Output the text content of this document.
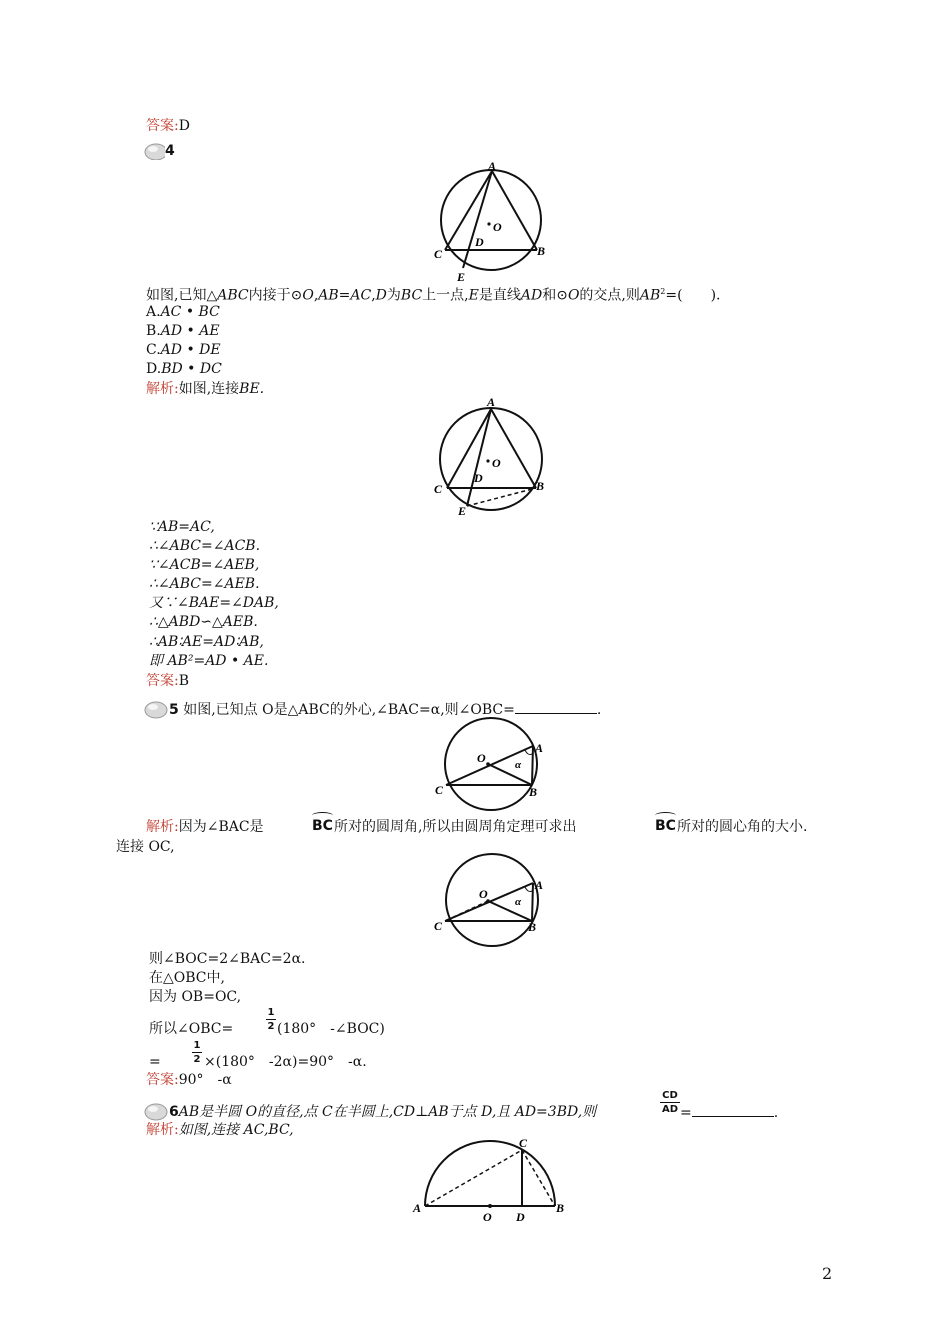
答案:D
4
A
O
D
C	B
E
如图,已知△ABC内接于⊙O,AB=AC,D为BC上一点,E是直线AD和⊙O的交点,则$AB^2=$(　　).
A.AC • BC
B.AD • AE
C.AD • DE
D.BD • DC
解析:如图,连接BE.
A
O
D
C	B
E
∵AB=AC,
∴∠ABC=∠ACB.
∵∠ACB=∠AEB,
∴∠ABC=∠AEB.
又∵∠BAE=∠DAB,
∴△ABD∽△AEB.
∴AB∶AE=AD∶AB,
即 AB²=AD • AE.
答案:B
5 如图,已知点 O是△ABC的外心,∠BAC=α,则∠OBC=	.
O
A
α
C	B
解析:因为∠BAC是	BC 所对的圆周角,所以由圆周角定理可求出	BC 所对的圆心角的大小.
连接 OC,
O
A
α
C	B
则∠BOC=2∠BAC=2α.
在△OBC中,
因为 OB=OC,
所以∠OBC=
1
2 (180°　-∠BOC)
=
1
2 ×(180°　-2α)=90°　-α.
答案:90°　-α
6AB是半圆 O的直径,点 C在半圆上,CD⊥AB于点 D,且 AD=3BD,则
CD
AD =	.
解析:如图,连接 AC,BC,
C
A
O D
B
2
